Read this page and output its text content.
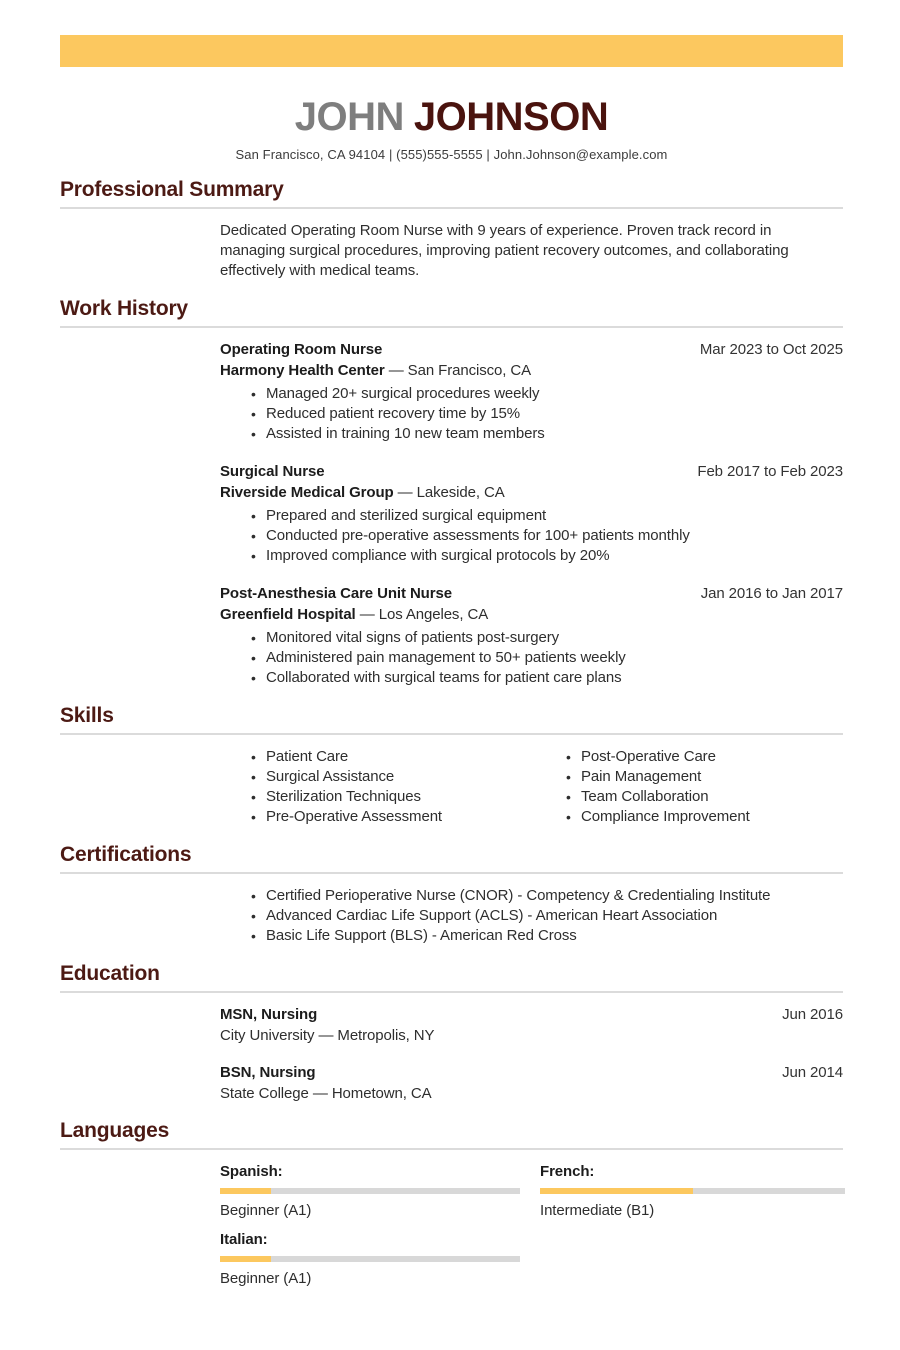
JOHN JOHNSON
San Francisco, CA 94104 | (555)555-5555 | John.Johnson@example.com
Professional Summary

Dedicated Operating Room Nurse with 9 years of experience. Proven track record in managing surgical procedures, improving patient recovery outcomes, and collaborating effectively with medical teams.

Work History
Operating Room Nurse	Mar 2023 to Oct 2025
Harmony Health Center — San Francisco, CA
• Managed 20+ surgical procedures weekly
• Reduced patient recovery time by 15%
• Assisted in training 10 new team members
Surgical Nurse	Feb 2017 to Feb 2023
Riverside Medical Group — Lakeside, CA
• Prepared and sterilized surgical equipment
• Conducted pre-operative assessments for 100+ patients monthly
• Improved compliance with surgical protocols by 20%
Post-Anesthesia Care Unit Nurse	Jan 2016 to Jan 2017
Greenfield Hospital — Los Angeles, CA
• Monitored vital signs of patients post-surgery
• Administered pain management to 50+ patients weekly
• Collaborated with surgical teams for patient care plans
Skills
• Patient Care
• Surgical Assistance
• Sterilization Techniques
• Pre-Operative Assessment
• Post-Operative Care
• Pain Management
• Team Collaboration
• Compliance Improvement
Certifications
• Certified Perioperative Nurse (CNOR) - Competency & Credentialing Institute
• Advanced Cardiac Life Support (ACLS) - American Heart Association
• Basic Life Support (BLS) - American Red Cross
Education
MSN, Nursing	Jun 2016
City University — Metropolis, NY
BSN, Nursing	Jun 2014
State College — Hometown, CA
Languages
Spanish:
Beginner (A1)
French:
Intermediate (B1)
Italian:
Beginner (A1)
